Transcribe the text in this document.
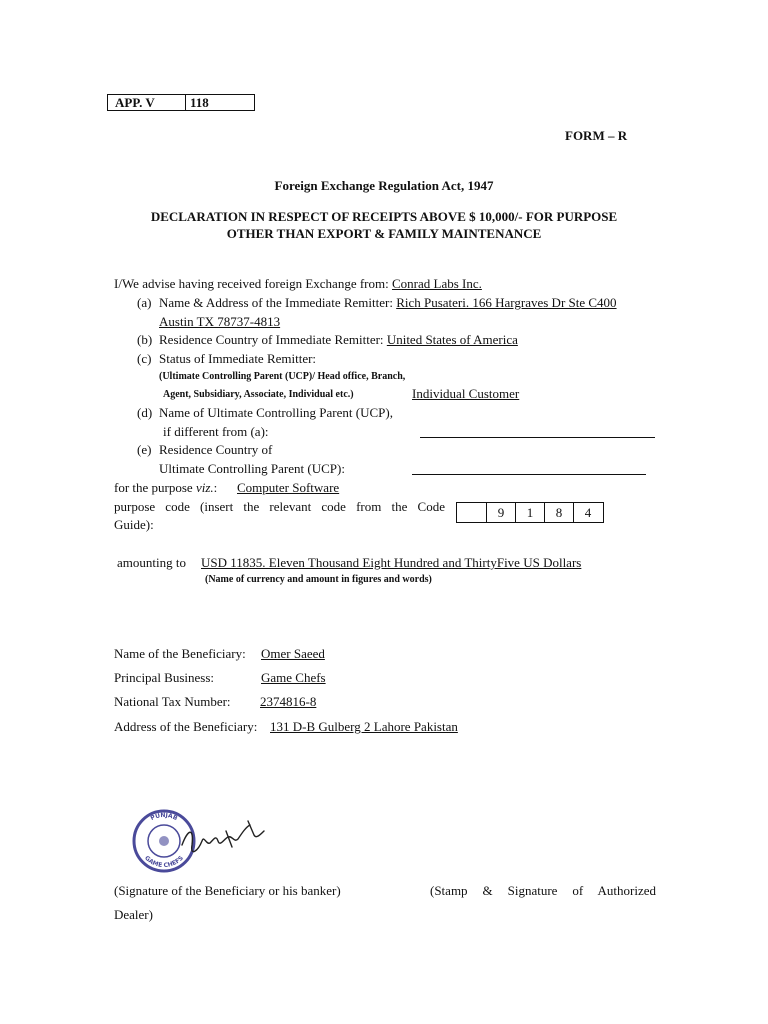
APP. V	118
FORM – R
Foreign Exchange Regulation Act, 1947
DECLARATION IN RESPECT OF RECEIPTS ABOVE $ 10,000/- FOR PURPOSE
OTHER THAN EXPORT & FAMILY MAINTENANCE
I/We advise having received foreign Exchange from: Conrad Labs Inc.
(a) Name & Address of the Immediate Remitter: Rich Pusateri. 166 Hargraves Dr Ste C400
Austin TX 78737-4813
(b) Residence Country of Immediate Remitter: United States of America
(c) Status of Immediate Remitter:
(Ultimate Controlling Parent (UCP)/ Head office, Branch,
Agent, Subsidiary, Associate, Individual etc.)	Individual Customer
(d) Name of Ultimate Controlling Parent (UCP),
if different from (a):
(e) Residence Country of
Ultimate Controlling Parent (UCP):
for the purpose viz.: Computer Software
purpose code (insert the relevant code from the Code
Guide):
9	1	8	4
amounting to USD 11835. Eleven Thousand Eight Hundred and ThirtyFive US Dollars
(Name of currency and amount in figures and words)
Name of the Beneficiary: Omer Saeed
Principal Business:	Game Chefs
National Tax Number: 2374816-8
Address of the Beneficiary: 131 D-B Gulberg 2 Lahore Pakistan
PUNJAB
GAME CHEFS
(Signature of the Beneficiary or his banker)	(Stamp & Signature of Authorized
Dealer)
